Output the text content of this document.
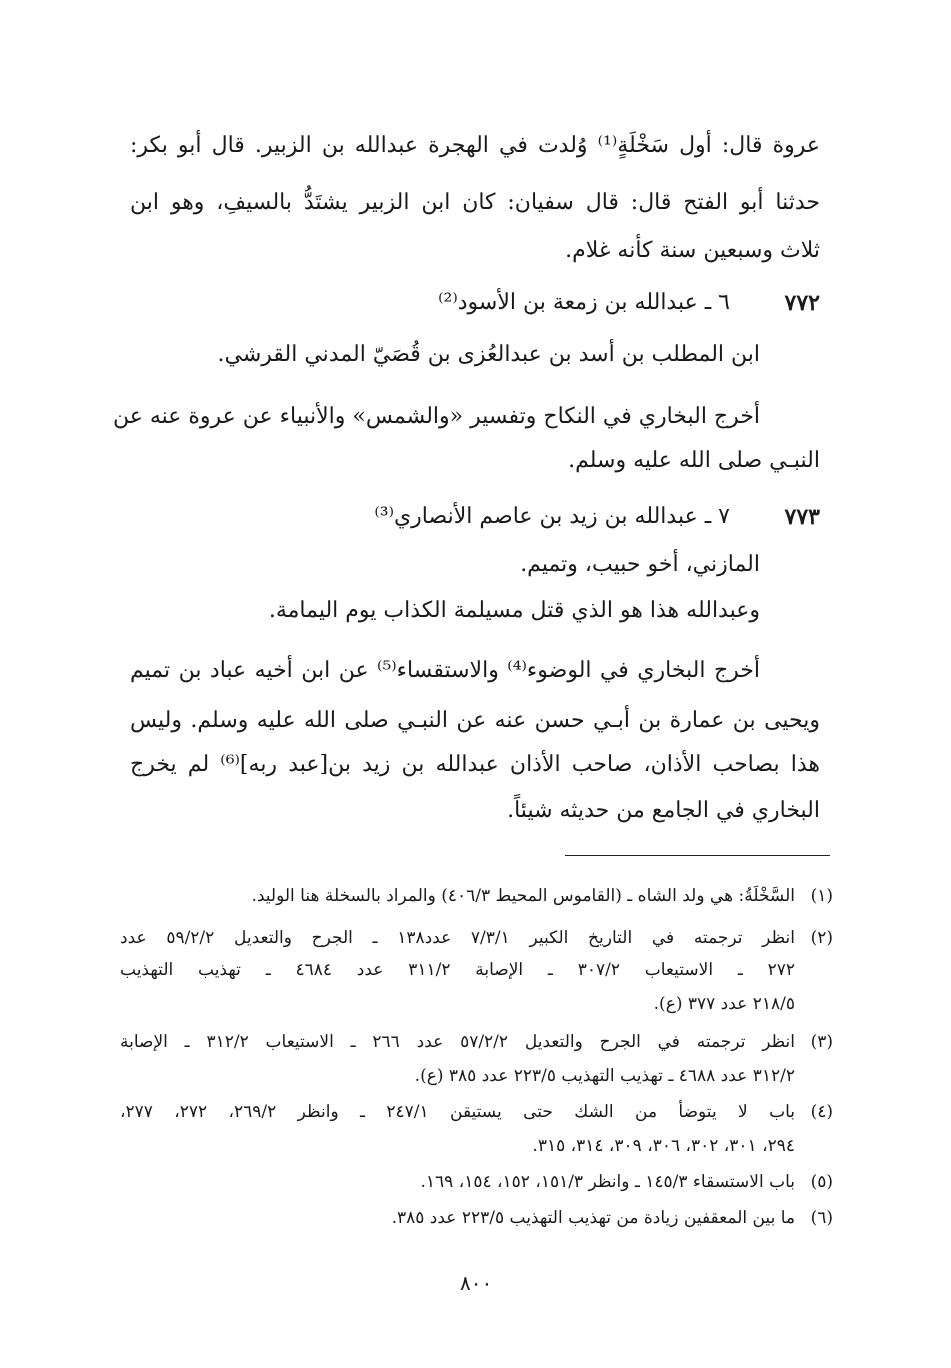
عروة قال: أول سَخْلَةٍ⁽¹⁾ وُلدت في الهجرة عبدالله بن الزبير. قال أبو بكر:
حدثنا أبو الفتح قال: قال سفيان: كان ابن الزبير يشتَدُّ بالسيفِ، وهو ابن
ثلاث وسبعين سنة كأنه غلام.
٧٧٢
٦ ـ عبدالله بن زمعة بن الأسود⁽²⁾
ابن المطلب بن أسد بن عبدالعُزى بن قُصَيّ المدني القرشي.
أخرج البخاري في النكاح وتفسير «والشمس» والأنبياء عن عروة عنه عن
النبـي صلى الله عليه وسلم.
٧٧٣
٧ ـ عبدالله بن زيد بن عاصم الأنصاري⁽³⁾
المازني، أخو حبيب، وتميم.
وعبدالله هذا هو الذي قتل مسيلمة الكذاب يوم اليمامة.
أخرج البخاري في الوضوء⁽⁴⁾ والاستقساء⁽⁵⁾ عن ابن أخيه عباد بن تميم
ويحيى بن عمارة بن أبـي حسن عنه عن النبـي صلى الله عليه وسلم. وليس
هذا بصاحب الأذان، صاحب الأذان عبدالله بن زيد بن[عبد ربه]⁽⁶⁾ لم يخرج
البخاري في الجامع من حديثه شيئاً.
(١)
السَّخْلَةُ: هي ولد الشاه ـ (القاموس المحيط ٤٠٦/٣) والمراد بالسخلة هنا الوليد.
(٢)
انظر ترجمته في التاريخ الكبير ٧/٣/١ عدد١٣٨ ـ الجرح والتعديل ٥٩/٢/٢ عدد
٢٧٢ ـ الاستيعاب ٣٠٧/٢ ـ الإصابة ٣١١/٢ عدد ٤٦٨٤ ـ تهذيب التهذيب
٢١٨/٥ عدد ٣٧٧ (ع).
(٣)
انظر ترجمته في الجرح والتعديل ٥٧/٢/٢ عدد ٢٦٦ ـ الاستيعاب ٣١٢/٢ ـ الإصابة
٣١٢/٢ عدد ٤٦٨٨ ـ تهذيب التهذيب ٢٢٣/٥ عدد ٣٨٥ (ع).
(٤)
باب لا يتوضأ من الشك حتى يستيقن ٢٤٧/١ ـ وانظر ٢٦٩/٢، ٢٧٢، ٢٧٧،
٢٩٤، ٣٠١، ٣٠٢، ٣٠٦، ٣٠٩، ٣١٤، ٣١٥.
(٥)
باب الاستسقاء ١٤٥/٣ ـ وانظر ١٥١/٣، ١٥٢، ١٥٤، ١٦٩.
(٦)
ما بين المعقفين زيادة من تهذيب التهذيب ٢٢٣/٥ عدد ٣٨٥.
٨٠٠
